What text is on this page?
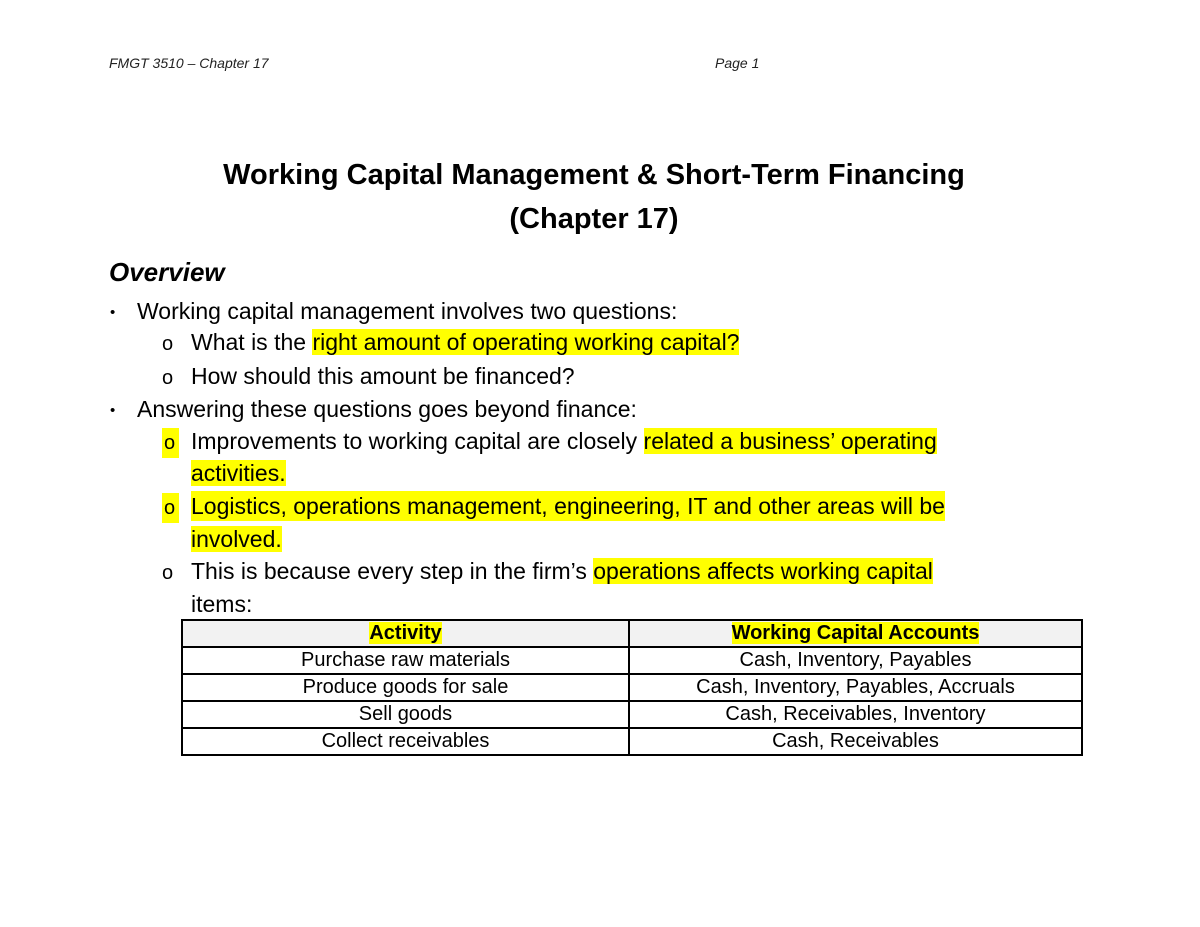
FMGT 3510 – Chapter 17	Page 1
Working Capital Management & Short-Term Financing
(Chapter 17)
Overview
• Working capital management involves two questions:
o What is the right amount of operating working capital?
o How should this amount be financed?
• Answering these questions goes beyond finance:
o Improvements to working capital are closely related a business’ operating
activities.
o Logistics, operations management, engineering, IT and other areas will be
involved.
o This is because every step in the firm’s operations affects working capital
items:
Activity	Working Capital Accounts
Purchase raw materials	Cash, Inventory, Payables
Produce goods for sale	Cash, Inventory, Payables, Accruals
Sell goods	Cash, Receivables, Inventory
Collect receivables	Cash, Receivables
